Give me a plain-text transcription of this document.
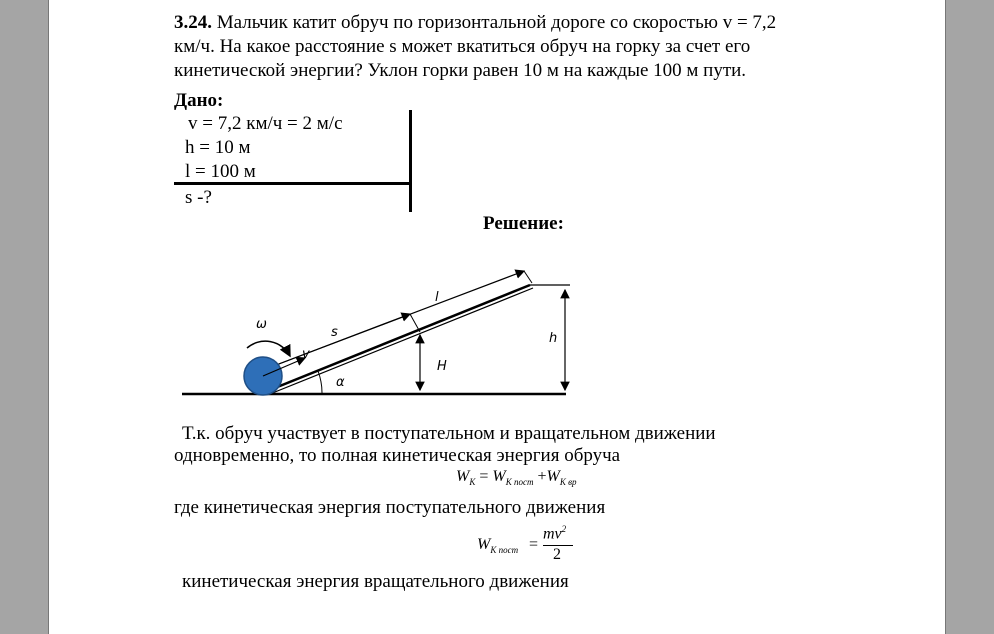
3.24. Мальчик катит обруч по горизонтальной дороге со скоростью v = 7,2
км/ч. На какое расстояние s может вкатиться обруч на горку за счет его
кинетической энергии? Уклон горки равен 10 м на каждые 100 м пути.
Дано:
v = 7,2 км/ч = 2 м/с
h = 10 м
l = 100 м
s -?
Решение:
ω
s
v
l
H
h
α
Т.к. обруч участвует в поступательном и вращательном движении
одновременно, то полная кинетическая энергия обруча
$W_K = W_{K пост} +W_{K вр}$
где кинетическая энергия поступательного движения
$W_{K пост}$ =
$mv^2$
2
кинетическая энергия вращательного движения
